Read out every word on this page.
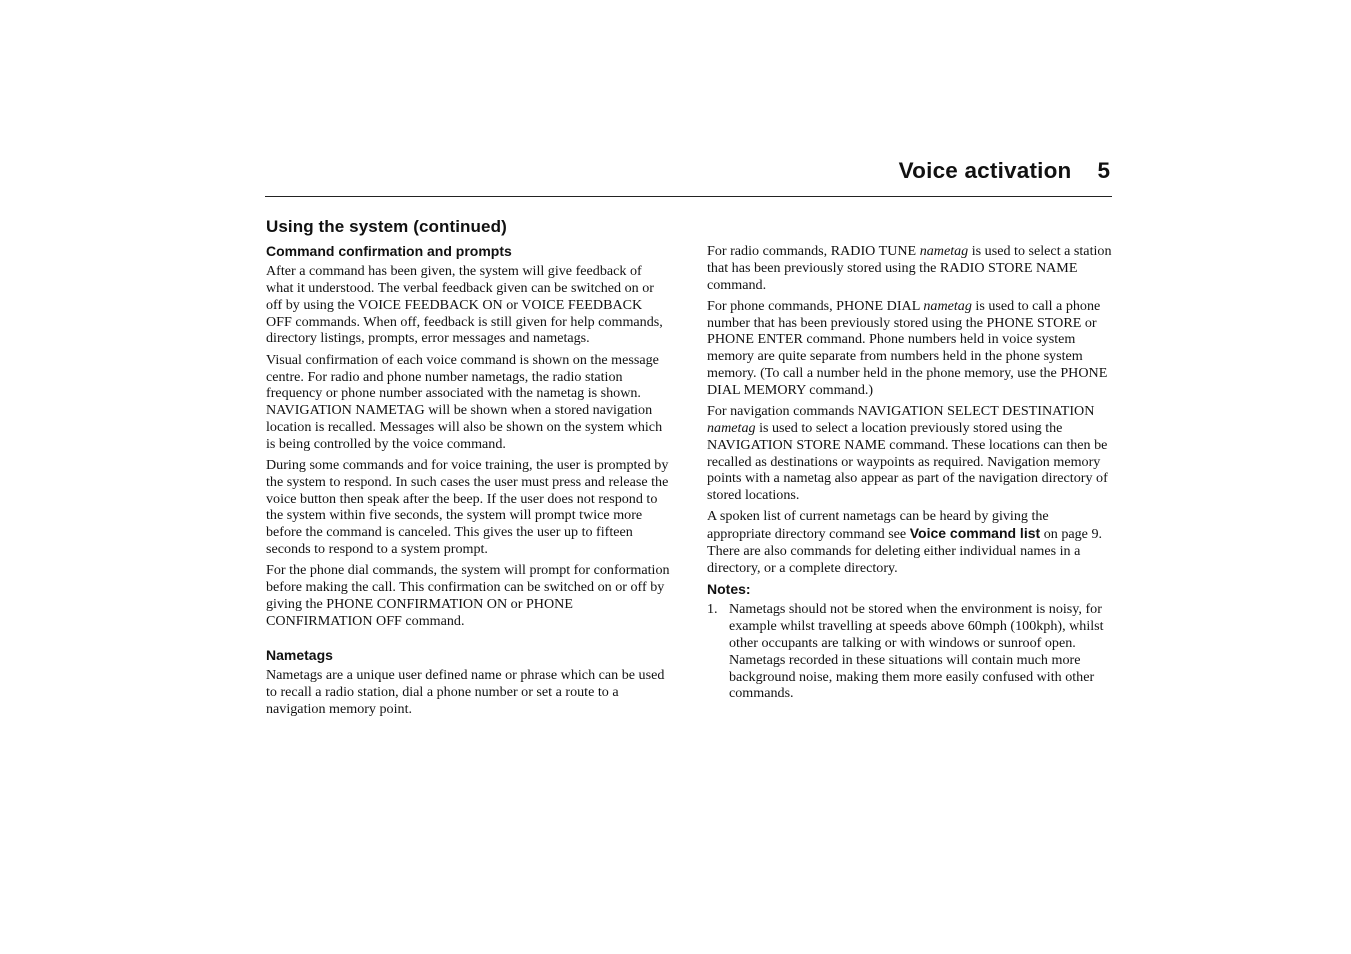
Voice activation 5
Using the system (continued)
Command confirmation and prompts

After a command has been given, the system will give feedback of what it understood. The verbal feedback given can be switched on or off by using the VOICE FEEDBACK ON or VOICE FEEDBACK OFF commands. When off, feedback is still given for help commands, directory listings, prompts, error messages and nametags.

Visual confirmation of each voice command is shown on the message centre. For radio and phone number nametags, the radio station frequency or phone number associated with the nametag is shown. NAVIGATION NAMETAG will be shown when a stored navigation location is recalled. Messages will also be shown on the system which is being controlled by the voice command.

During some commands and for voice training, the user is prompted by the system to respond. In such cases the user must press and release the voice button then speak after the beep. If the user does not respond to the system within five seconds, the system will prompt twice more before the command is canceled. This gives the user up to fifteen seconds to respond to a system prompt.

For the phone dial commands, the system will prompt for conformation before making the call. This confirmation can be switched on or off by giving the PHONE CONFIRMATION ON or PHONE CONFIRMATION OFF command.

Nametags

Nametags are a unique user defined name or phrase which can be used to recall a radio station, dial a phone number or set a route to a navigation memory point.

For radio commands, RADIO TUNE nametag is used to select a station that has been previously stored using the RADIO STORE NAME command.

For phone commands, PHONE DIAL nametag is used to call a phone number that has been previously stored using the PHONE STORE or PHONE ENTER command. Phone numbers held in voice system memory are quite separate from numbers held in the phone system memory. (To call a number held in the phone memory, use the PHONE DIAL MEMORY command.)

For navigation commands NAVIGATION SELECT DESTINATION nametag is used to select a location previously stored using the NAVIGATION STORE NAME command. These locations can then be recalled as destinations or waypoints as required. Navigation memory points with a nametag also appear as part of the navigation directory of stored locations.

A spoken list of current nametags can be heard by giving the appropriate directory command see Voice command list on page 9. There are also commands for deleting either individual names in a directory, or a complete directory.

Notes:
1. Nametags should not be stored when the environment is noisy, for example whilst travelling at speeds above 60mph (100kph), whilst other occupants are talking or with windows or sunroof open. Nametags recorded in these situations will contain much more background noise, making them more easily confused with other commands.
